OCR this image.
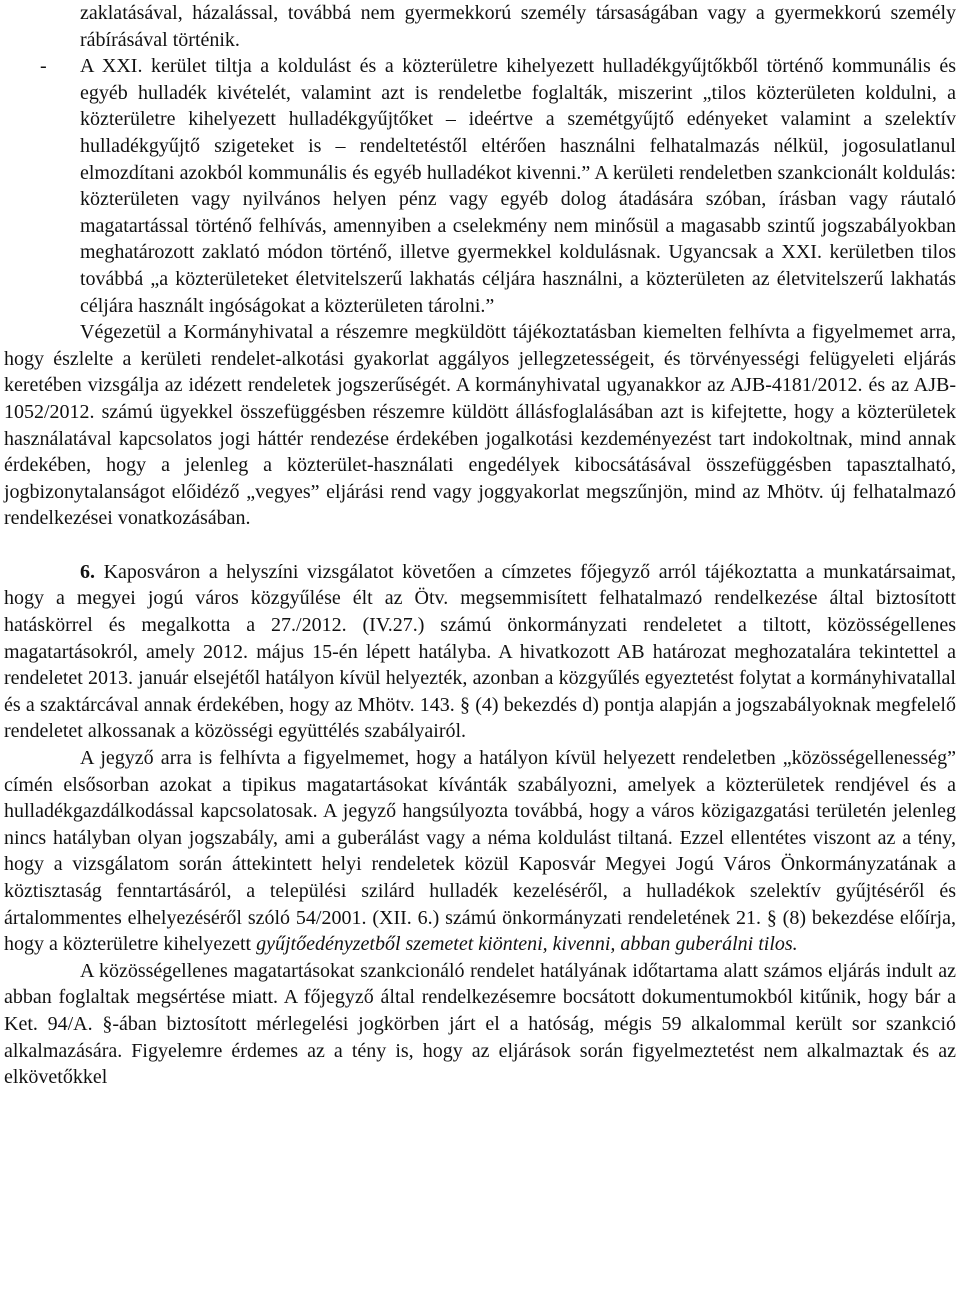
zaklatásával, házalással, továbbá nem gyermekkorú személy társaságában vagy a gyermekkorú személy rábírásával történik.

- A XXI. kerület tiltja a koldulást és a közterületre kihelyezett hulladékgyűjtőkből történő kommunális és egyéb hulladék kivételét, valamint azt is rendeletbe foglalták, miszerint „tilos közterületen koldulni, a közterületre kihelyezett hulladékgyűjtőket – ideértve a szemétgyűjtő edényeket valamint a szelektív hulladékgyűjtő szigeteket is – rendeltetéstől eltérően használni felhatalmazás nélkül, jogosulatlanul elmozdítani azokból kommunális és egyéb hulladékot kivenni.” A kerületi rendeletben szankcionált koldulás: közterületen vagy nyilvános helyen pénz vagy egyéb dolog átadására szóban, írásban vagy ráutaló magatartással történő felhívás, amennyiben a cselekmény nem minősül a magasabb szintű jogszabályokban meghatározott zaklató módon történő, illetve gyermekkel koldulásnak. Ugyancsak a XXI. kerületben tilos továbbá „a közterületeket életvitelszerű lakhatás céljára használni, a közterületen az életvitelszerű lakhatás céljára használt ingóságokat a közterületen tárolni.”

Végezetül a Kormányhivatal a részemre megküldött tájékoztatásban kiemelten felhívta a figyelmemet arra, hogy észlelte a kerületi rendelet-alkotási gyakorlat aggályos jellegzetességeit, és törvényességi felügyeleti eljárás keretében vizsgálja az idézett rendeletek jogszerűségét. A kormányhivatal ugyanakkor az AJB-4181/2012. és az AJB-1052/2012. számú ügyekkel összefüggésben részemre küldött állásfoglalásában azt is kifejtette, hogy a közterületek használatával kapcsolatos jogi háttér rendezése érdekében jogalkotási kezdeményezést tart indokoltnak, mind annak érdekében, hogy a jelenleg a közterület-használati engedélyek kibocsátásával összefüggésben tapasztalható, jogbizonytalanságot előidéző „vegyes” eljárási rend vagy joggyakorlat megszűnjön, mind az Mhötv. új felhatalmazó rendelkezései vonatkozásában.

6. Kaposváron a helyszíni vizsgálatot követően a címzetes főjegyző arról tájékoztatta a munkatársaimat, hogy a megyei jogú város közgyűlése élt az Ötv. megsemmisített felhatalmazó rendelkezése által biztosított hatáskörrel és megalkotta a 27./2012. (IV.27.) számú önkormányzati rendeletet a tiltott, közösségellenes magatartásokról, amely 2012. május 15-én lépett hatályba. A hivatkozott AB határozat meghozatalára tekintettel a rendeletet 2013. január elsejétől hatályon kívül helyezték, azonban a közgyűlés egyeztetést folytat a kormányhivatallal és a szaktárcával annak érdekében, hogy az Mhötv. 143. § (4) bekezdés d) pontja alapján a jogszabályoknak megfelelő rendeletet alkossanak a közösségi együttélés szabályairól.

A jegyző arra is felhívta a figyelmemet, hogy a hatályon kívül helyezett rendeletben „közösségellenesség” címén elsősorban azokat a tipikus magatartásokat kívánták szabályozni, amelyek a közterületek rendjével és a hulladékgazdálkodással kapcsolatosak. A jegyző hangsúlyozta továbbá, hogy a város közigazgatási területén jelenleg nincs hatályban olyan jogszabály, ami a guberálást vagy a néma koldulást tiltaná. Ezzel ellentétes viszont az a tény, hogy a vizsgálatom során áttekintett helyi rendeletek közül Kaposvár Megyei Jogú Város Önkormányzatának a köztisztaság fenntartásáról, a települési szilárd hulladék kezeléséről, a hulladékok szelektív gyűjtéséről és ártalommentes elhelyezéséről szóló 54/2001. (XII. 6.) számú önkormányzati rendeletének 21. § (8) bekezdése előírja, hogy a közterületre kihelyezett gyűjtőedényzetből szemetet kiönteni, kivenni, abban guberálni tilos.

A közösségellenes magatartásokat szankcionáló rendelet hatályának időtartama alatt számos eljárás indult az abban foglaltak megsértése miatt. A főjegyző által rendelkezésemre bocsátott dokumentumokból kitűnik, hogy bár a Ket. 94/A. §-ában biztosított mérlegelési jogkörben járt el a hatóság, mégis 59 alkalommal került sor szankció alkalmazására. Figyelemre érdemes az a tény is, hogy az eljárások során figyelmeztetést nem alkalmaztak és az elkövetőkkel
